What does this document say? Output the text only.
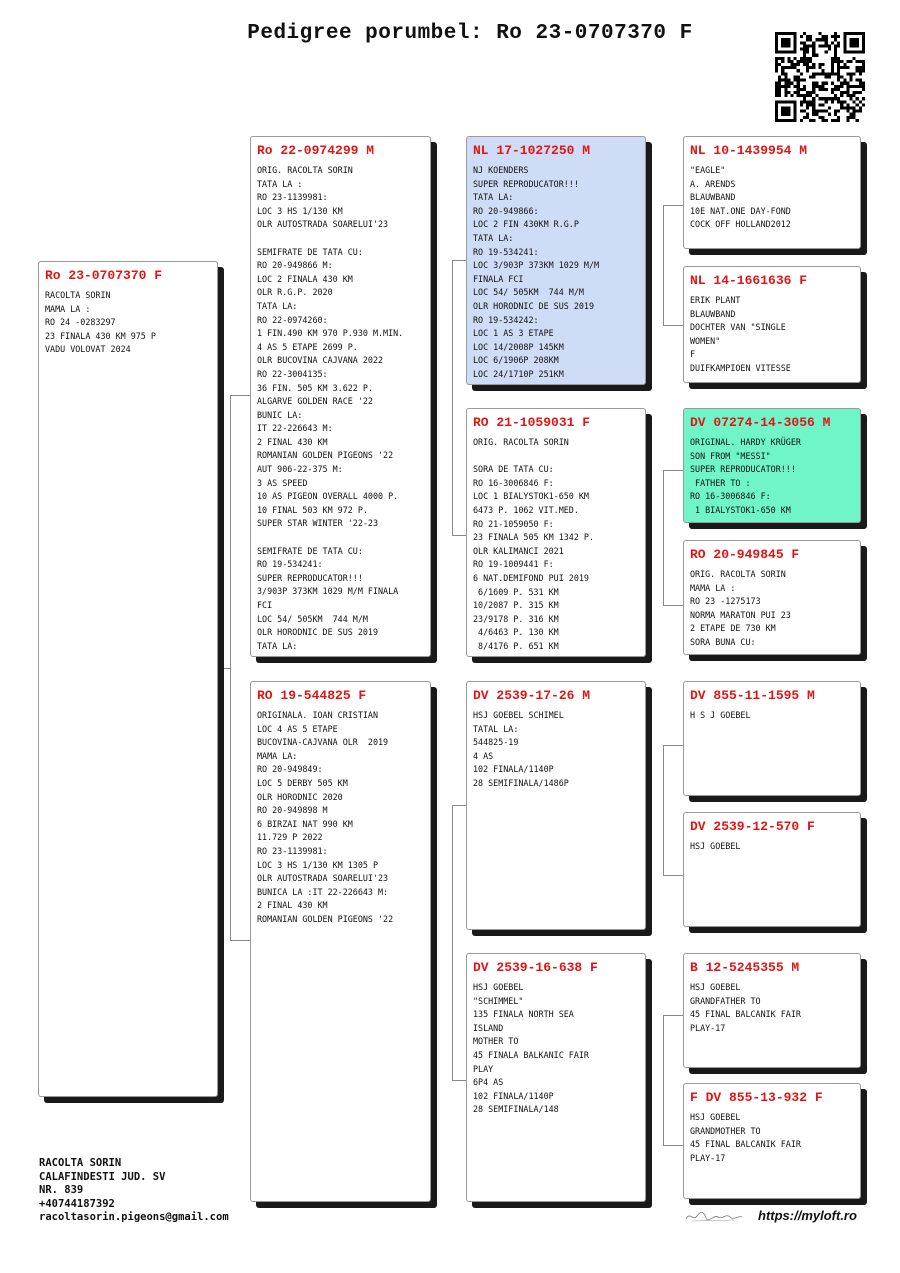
Pedigree porumbel: Ro 23-0707370 F
Ro 23-0707370 F
RACOLTA SORIN
MAMA LA :
RO 24 -0283297
23 FINALA 430 KM 975 P
VADU VOLOVAT 2024
Ro 22-0974299 M
ORIG. RACOLTA SORIN
TATA LA :
RO 23-1139981:
LOC 3 HS 1/130 KM
OLR AUTOSTRADA SOARELUI'23

SEMIFRATE DE TATA CU:
RO 20-949866 M:
LOC 2 FINALA 430 KM
OLR R.G.P. 2020
TATA LA:
RO 22-0974260:
1 FIN.490 KM 970 P.930 M.MIN.
4 AS 5 ETAPE 2699 P.
OLR BUCOVINA CAJVANA 2022
RO 22-3004135:
36 FIN. 505 KM 3.622 P.
ALGARVE GOLDEN RACE '22
BUNIC LA:
IT 22-226643 M:
2 FINAL 430 KM
ROMANIAN GOLDEN PIGEONS '22
AUT 906-22-375 M:
3 AS SPEED
10 AS PIGEON OVERALL 4000 P.
10 FINAL 503 KM 972 P.
SUPER STAR WINTER '22-23

SEMIFRATE DE TATA CU:
RO 19-534241:
SUPER REPRODUCATOR!!!
3/903P 373KM 1029 M/M FINALA
FCI
LOC 54/ 505KM  744 M/M
OLR HORODNIC DE SUS 2019
TATA LA:
RO 19-544825 F
ORIGINALA. IOAN CRISTIAN
LOC 4 AS 5 ETAPE
BUCOVINA-CAJVANA OLR  2019
MAMA LA:
RO 20-949849:
LOC 5 DERBY 505 KM
OLR HORODNIC 2020
RO 20-949898 M
6 BIRZAI NAT 990 KM
11.729 P 2022
RO 23-1139981:
LOC 3 HS 1/130 KM 1305 P
OLR AUTOSTRADA SOARELUI'23
BUNICA LA :IT 22-226643 M:
2 FINAL 430 KM
ROMANIAN GOLDEN PIGEONS '22
NL 17-1027250 M
NJ KOENDERS
SUPER REPRODUCATOR!!!
TATA LA:
RO 20-949866:
LOC 2 FIN 430KM R.G.P
TATA LA:
RO 19-534241:
LOC 3/903P 373KM 1029 M/M
FINALA FCI
LOC 54/ 505KM  744 M/M
OLR HORODNIC DE SUS 2019
RO 19-534242:
LOC 1 AS 3 ETAPE
LOC 14/2008P 145KM
LOC 6/1906P 208KM
LOC 24/1710P 251KM
RO 21-1059031 F
ORIG. RACOLTA SORIN

SORA DE TATA CU:
RO 16-3006846 F:
LOC 1 BIALYSTOK1-650 KM
6473 P. 1062 VIT.MED.
RO 21-1059050 F:
23 FINALA 505 KM 1342 P.
OLR KALIMANCI 2021
RO 19-1009441 F:
6 NAT.DEMIFOND PUI 2019
6/1609 P. 531 KM
10/2087 P. 315 KM
23/9178 P. 316 KM
4/6463 P. 130 KM
8/4176 P. 651 KM
DV 2539-17-26 M
HSJ GOEBEL SCHIMEL
TATAL LA:
544825-19
4 AS
102 FINALA/1140P
28 SEMIFINALA/1486P
DV 2539-16-638 F
HSJ GOEBEL
"SCHIMMEL"
135 FINALA NORTH SEA
ISLAND
MOTHER TO
45 FINALA BALKANIC FAIR
PLAY
6P4 AS
102 FINALA/1140P
28 SEMIFINALA/148
NL 10-1439954 M
"EAGLE"
A. ARENDS
BLAUWBAND
10E NAT.ONE DAY-FOND
COCK OFF HOLLAND2012
NL 14-1661636 F
ERIK PLANT
BLAUWBAND
DOCHTER VAN "SINGLE
WOMEN"
F
DUIFKAMPIOEN VITESSE
DV 07274-14-3056 M
ORIGINAL. HARDY KRÜGER
SON FROM "MESSI"
SUPER REPRODUCATOR!!!
FATHER TO :
RO 16-3006846 F:
1 BIALYSTOK1-650 KM
RO 20-949845 F
ORIG. RACOLTA SORIN
MAMA LA :
RO 23 -1275173
NORMA MARATON PUI 23
2 ETAPE DE 730 KM
SORA BUNA CU:
DV 855-11-1595 M
H S J GOEBEL
DV 2539-12-570 F
HSJ GOEBEL
B 12-5245355 M
HSJ GOEBEL
GRANDFATHER TO
45 FINAL BALCANIK FAIR
PLAY-17
F DV 855-13-932 F
HSJ GOEBEL
GRANDMOTHER TO
45 FINAL BALCANIK FAIR
PLAY-17
RACOLTA SORIN
CALAFINDESTI JUD. SV
NR. 839
+40744187392
racoltasorin.pigeons@gmail.com	https://myloft.ro
